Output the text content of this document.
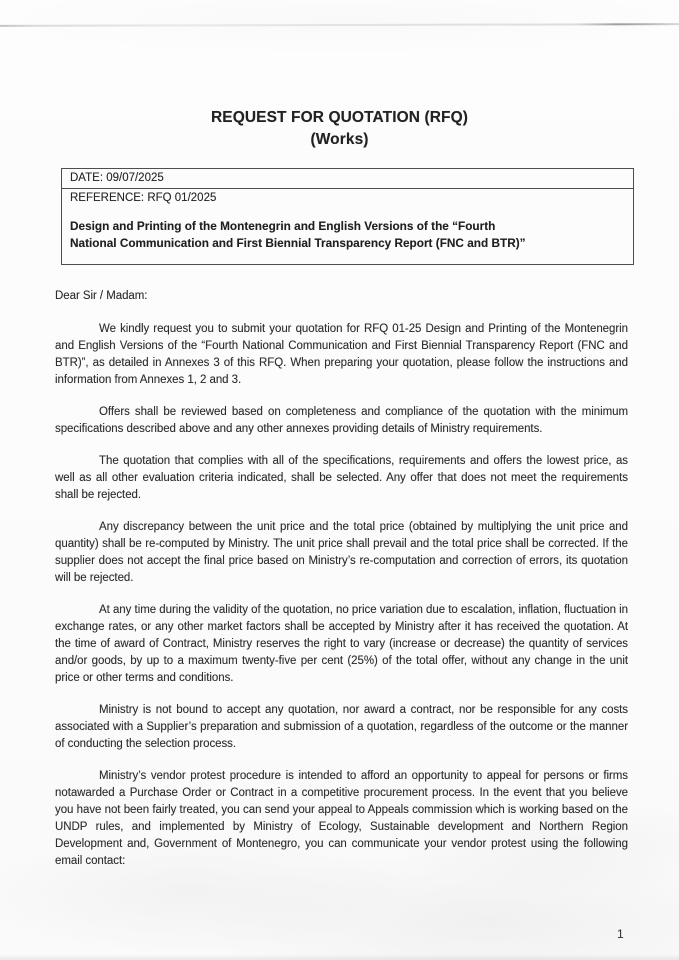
REQUEST FOR QUOTATION (RFQ)
(Works)
DATE: 09/07/2025

REFERENCE: RFQ 01/2025
Design and Printing of the Montenegrin and English Versions of the “Fourth
National Communication and First Biennial Transparency Report (FNC and BTR)”

Dear Sir / Madam:

We kindly request you to submit your quotation for RFQ 01-25 Design and Printing of the Montenegrin and English Versions of the “Fourth National Communication and First Biennial Transparency Report (FNC and BTR)”, as detailed in Annexes 3 of this RFQ. When preparing your quotation, please follow the instructions and information from Annexes 1, 2 and 3.

Offers shall be reviewed based on completeness and compliance of the quotation with the minimum specifications described above and any other annexes providing details of Ministry requirements.

The quotation that complies with all of the specifications, requirements and offers the lowest price, as well as all other evaluation criteria indicated, shall be selected. Any offer that does not meet the requirements shall be rejected.

Any discrepancy between the unit price and the total price (obtained by multiplying the unit price and quantity) shall be re-computed by Ministry. The unit price shall prevail and the total price shall be corrected. If the supplier does not accept the final price based on Ministry’s re-computation and correction of errors, its quotation will be rejected.

At any time during the validity of the quotation, no price variation due to escalation, inflation, fluctuation in exchange rates, or any other market factors shall be accepted by Ministry after it has received the quotation. At the time of award of Contract, Ministry reserves the right to vary (increase or decrease) the quantity of services and/or goods, by up to a maximum twenty-five per cent (25%) of the total offer, without any change in the unit price or other terms and conditions.

Ministry is not bound to accept any quotation, nor award a contract, nor be responsible for any costs associated with a Supplier’s preparation and submission of a quotation, regardless of the outcome or the manner of conducting the selection process.

Ministry’s vendor protest procedure is intended to afford an opportunity to appeal for persons or firms notawarded a Purchase Order or Contract in a competitive procurement process. In the event that you believe you have not been fairly treated, you can send your appeal to Appeals commission which is working based on the UNDP rules, and implemented by Ministry of Ecology, Sustainable development and Northern Region Development and, Government of Montenegro, you can communicate your vendor protest using the following email contact:

1
